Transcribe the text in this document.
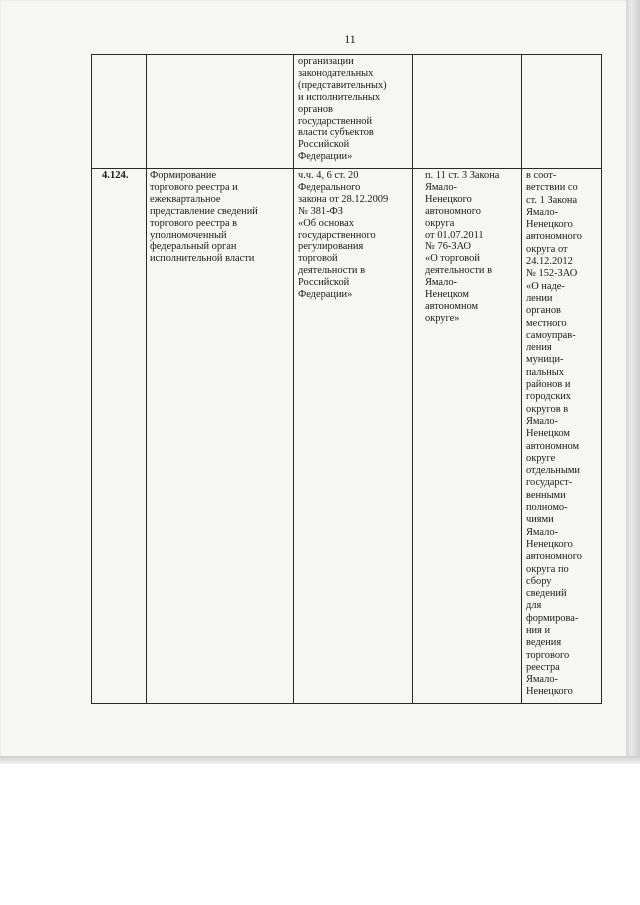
11
организации
законодательных
(представительных)
и исполнительных
органов
государственной
власти субъектов
Российской
Федерации»
4.124. Формирование
торгового реестра и
ежеквартальное
представление сведений
торгового реестра в
уполномоченный
федеральный орган
исполнительной власти
ч.ч. 4, 6 ст. 20
Федерального
закона от 28.12.2009
№ 381-ФЗ
«Об основах
государственного
регулирования
торговой
деятельности в
Российской
Федерации»
п. 11 ст. 3 Закона
Ямало-
Ненецкого
автономного
округа
от 01.07.2011
№ 76-ЗАО
«О торговой
деятельности в
Ямало-
Ненецком
автономном
округе»
в соот-
ветствии со
ст. 1 Закона
Ямало-
Ненецкого
автономного
округа от
24.12.2012
№ 152-ЗАО
«О наде-
лении
органов
местного
самоуправ-
ления
муници-
пальных
районов и
городских
округов в
Ямало-
Ненецком
автономном
округе
отдельными
государст-
венными
полномо-
чиями
Ямало-
Ненецкого
автономного
округа по
сбору
сведений
для
формирова-
ния и
ведения
торгового
реестра
Ямало-
Ненецкого
